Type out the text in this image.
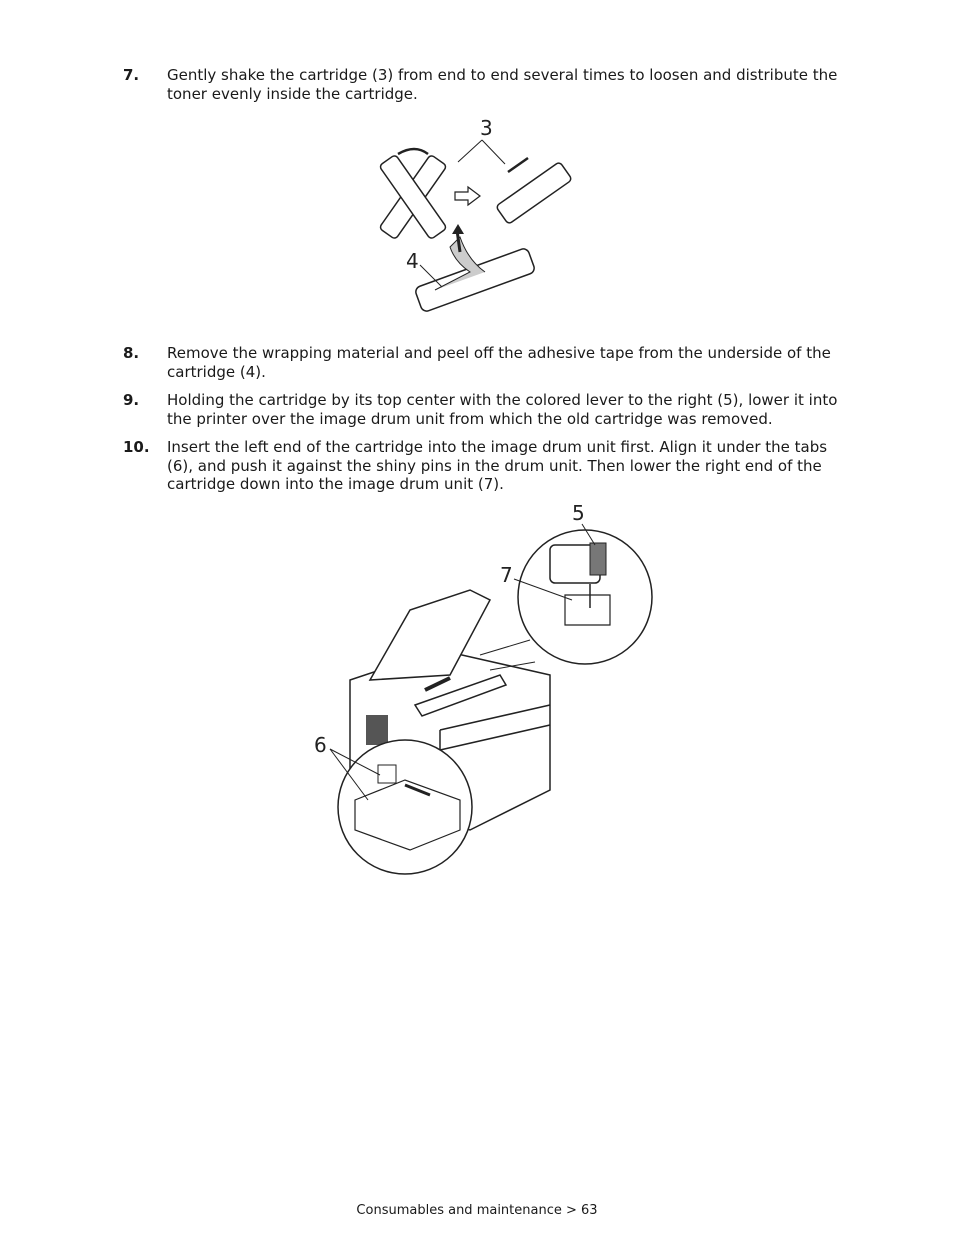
7. Gently shake the cartridge (3) from end to end several times to loosen and distribute the toner evenly inside the cartridge.
3
4
8. Remove the wrapping material and peel off the adhesive tape from the underside of the cartridge (4).
9. Holding the cartridge by its top center with the colored lever to the right (5), lower it into the printer over the image drum unit from which the old cartridge was removed.
10. Insert the left end of the cartridge into the image drum unit first. Align it under the tabs (6), and push it against the shiny pins in the drum unit. Then lower the right end of the cartridge down into the image drum unit (7).
5
7
6
Consumables and maintenance > 63
